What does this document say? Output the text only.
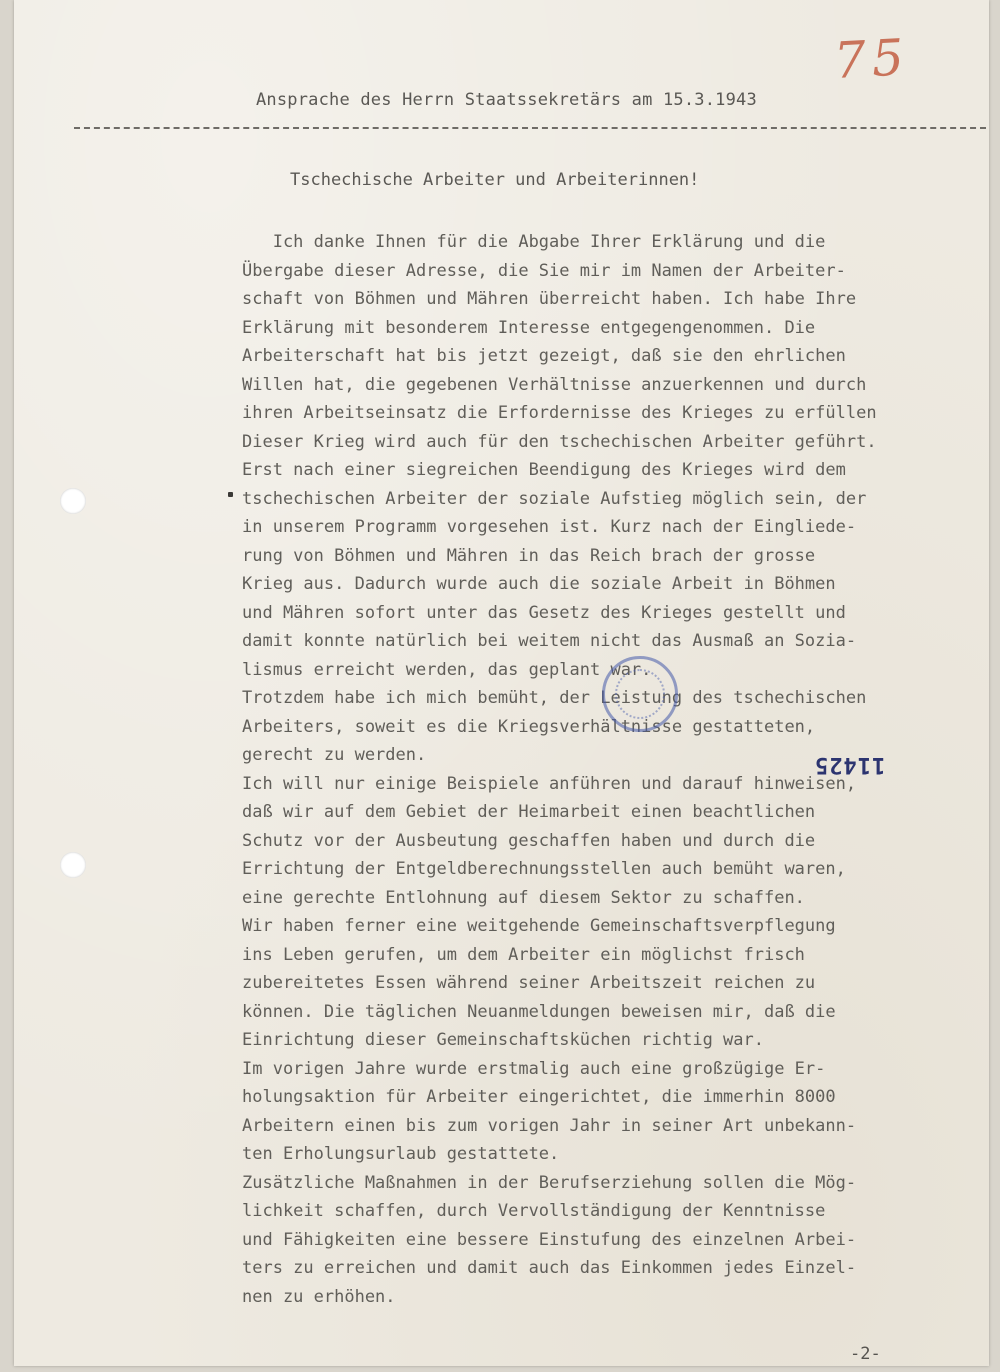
75
Ansprache des Herrn Staatssekretärs am 15.3.1943
Tschechische Arbeiter und Arbeiterinnen!
Ich danke Ihnen für die Abgabe Ihrer Erklärung und die
Übergabe dieser Adresse, die Sie mir im Namen der Arbeiter-
schaft von Böhmen und Mähren überreicht haben. Ich habe Ihre
Erklärung mit besonderem Interesse entgegengenommen. Die
Arbeiterschaft hat bis jetzt gezeigt, daß sie den ehrlichen
Willen hat, die gegebenen Verhältnisse anzuerkennen und durch
ihren Arbeitseinsatz die Erfordernisse des Krieges zu erfüllen
Dieser Krieg wird auch für den tschechischen Arbeiter geführt.
Erst nach einer siegreichen Beendigung des Krieges wird dem
tschechischen Arbeiter der soziale Aufstieg möglich sein, der
in unserem Programm vorgesehen ist. Kurz nach der Eingliede-
rung von Böhmen und Mähren in das Reich brach der grosse
Krieg aus. Dadurch wurde auch die soziale Arbeit in Böhmen
und Mähren sofort unter das Gesetz des Krieges gestellt und
damit konnte natürlich bei weitem nicht das Ausmaß an Sozia-
lismus erreicht werden, das geplant war.
Trotzdem habe ich mich bemüht, der Leistung des tschechischen
Arbeiters, soweit es die Kriegsverhältnisse gestatteten,
gerecht zu werden.
Ich will nur einige Beispiele anführen und darauf hinweisen,
daß wir auf dem Gebiet der Heimarbeit einen beachtlichen
Schutz vor der Ausbeutung geschaffen haben und durch die
Errichtung der Entgeldberechnungsstellen auch bemüht waren,
eine gerechte Entlohnung auf diesem Sektor zu schaffen.
Wir haben ferner eine weitgehende Gemeinschaftsverpflegung
ins Leben gerufen, um dem Arbeiter ein möglichst frisch
zubereitetes Essen während seiner Arbeitszeit reichen zu
können. Die täglichen Neuanmeldungen beweisen mir, daß die
Einrichtung dieser Gemeinschaftsküchen richtig war.
Im vorigen Jahre wurde erstmalig auch eine großzügige Er-
holungsaktion für Arbeiter eingerichtet, die immerhin 8000
Arbeitern einen bis zum vorigen Jahr in seiner Art unbekann-
ten Erholungsurlaub gestattete.
Zusätzliche Maßnahmen in der Berufserziehung sollen die Mög-
lichkeit schaffen, durch Vervollständigung der Kenntnisse
und Fähigkeiten eine bessere Einstufung des einzelnen Arbei-
ters zu erreichen und damit auch das Einkommen jedes Einzel-
nen zu erhöhen.
11425
-2-
